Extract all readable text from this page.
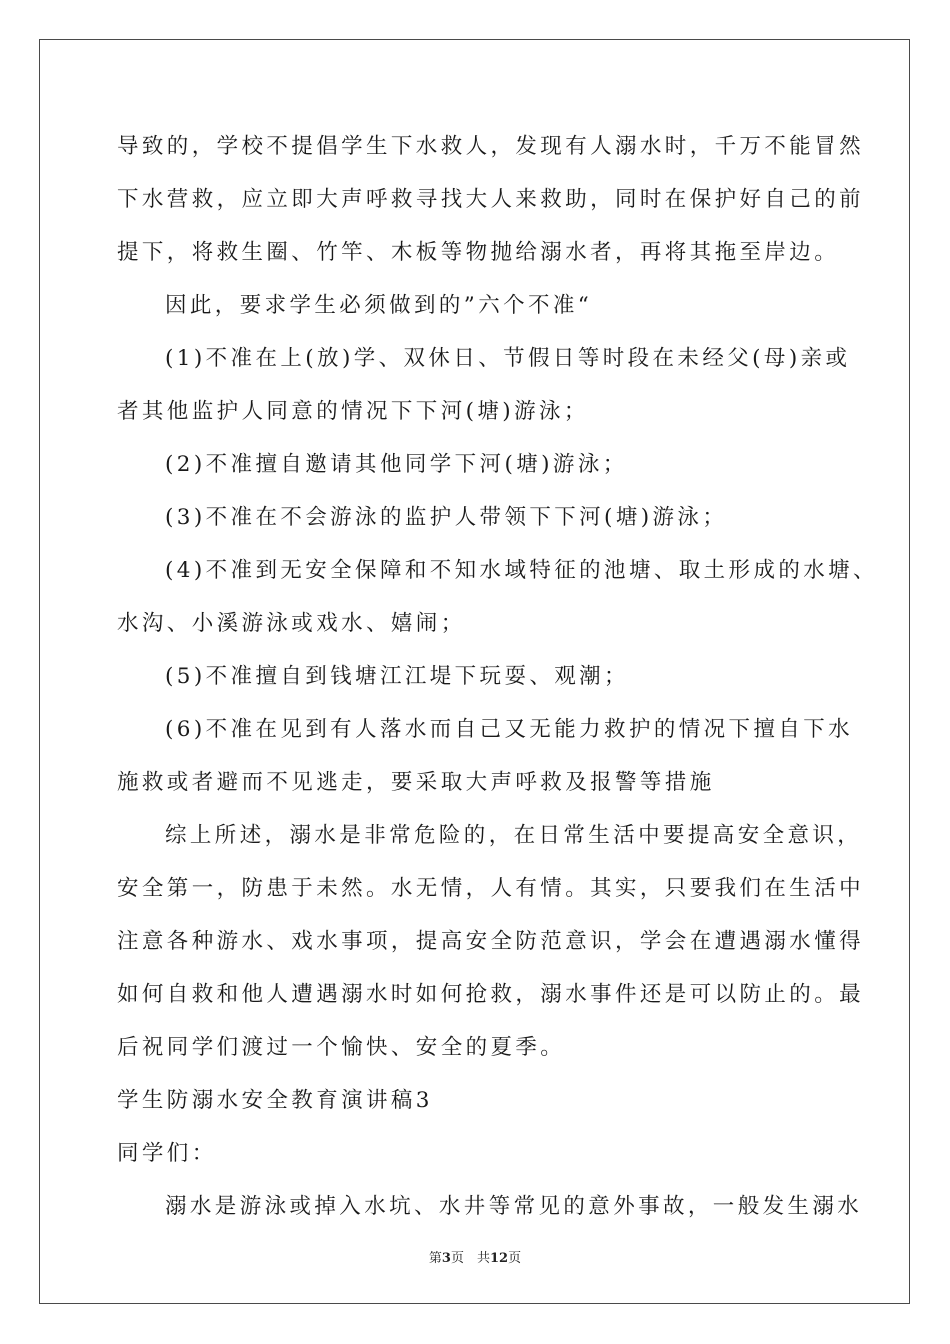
导致的，学校不提倡学生下水救人，发现有人溺水时，千万不能冒然
下水营救，应立即大声呼救寻找大人来救助，同时在保护好自己的前
提下，将救生圈、竹竿、木板等物抛给溺水者，再将其拖至岸边。
因此，要求学生必须做到的”六个不准“
(1)不准在上(放)学、双休日、节假日等时段在未经父(母)亲或
者其他监护人同意的情况下下河(塘)游泳；
(2)不准擅自邀请其他同学下河(塘)游泳；
(3)不准在不会游泳的监护人带领下下河(塘)游泳；
(4)不准到无安全保障和不知水域特征的池塘、取土形成的水塘、
水沟、小溪游泳或戏水、嬉闹；
(5)不准擅自到钱塘江江堤下玩耍、观潮；
(6)不准在见到有人落水而自己又无能力救护的情况下擅自下水
施救或者避而不见逃走，要采取大声呼救及报警等措施
综上所述，溺水是非常危险的，在日常生活中要提高安全意识，
安全第一，防患于未然。水无情，人有情。其实，只要我们在生活中
注意各种游水、戏水事项，提高安全防范意识，学会在遭遇溺水懂得
如何自救和他人遭遇溺水时如何抢救，溺水事件还是可以防止的。最
后祝同学们渡过一个愉快、安全的夏季。
学生防溺水安全教育演讲稿3
同学们：
溺水是游泳或掉入水坑、水井等常见的意外事故，一般发生溺水
第3页　共12页
